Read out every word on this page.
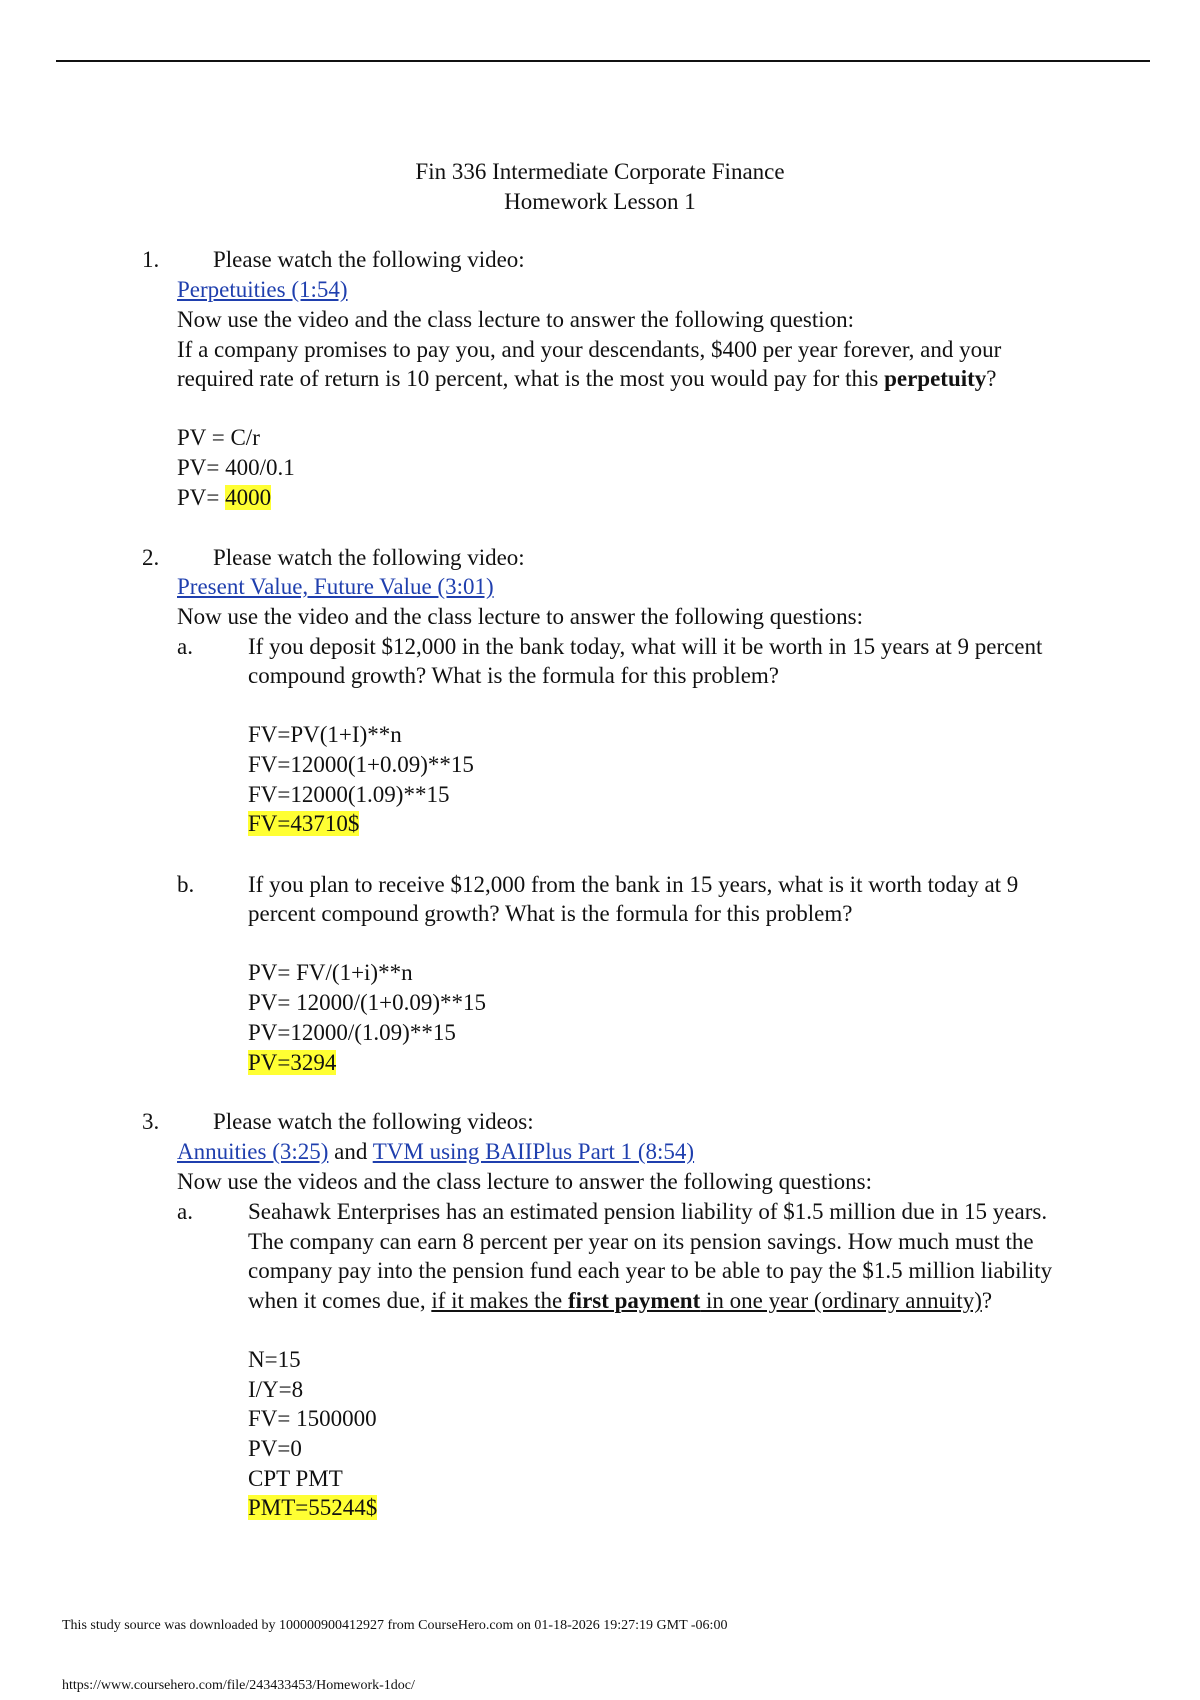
Fin 336 Intermediate Corporate Finance
Homework Lesson 1
1. Please watch the following video:
Perpetuities (1:54)
Now use the video and the class lecture to answer the following question:
If a company promises to pay you, and your descendants, $400 per year forever, and your
required rate of return is 10 percent, what is the most you would pay for this perpetuity?
PV = C/r
PV= 400/0.1
PV= 4000
2. Please watch the following video:
Present Value, Future Value (3:01)
Now use the video and the class lecture to answer the following questions:
a. If you deposit $12,000 in the bank today, what will it be worth in 15 years at 9 percent
compound growth? What is the formula for this problem?
FV=PV(1+I)**n
FV=12000(1+0.09)**15
FV=12000(1.09)**15
FV=43710$
b. If you plan to receive $12,000 from the bank in 15 years, what is it worth today at 9
percent compound growth? What is the formula for this problem?
PV= FV/(1+i)**n
PV= 12000/(1+0.09)**15
PV=12000/(1.09)**15
PV=3294
3. Please watch the following videos:
Annuities (3:25) and TVM using BAIIPlus Part 1 (8:54)
Now use the videos and the class lecture to answer the following questions:
a. Seahawk Enterprises has an estimated pension liability of $1.5 million due in 15 years.
The company can earn 8 percent per year on its pension savings. How much must the
company pay into the pension fund each year to be able to pay the $1.5 million liability
when it comes due, if it makes the first payment in one year (ordinary annuity)?
N=15
I/Y=8
FV= 1500000
PV=0
CPT PMT
PMT=55244$
This study source was downloaded by 100000900412927 from CourseHero.com on 01-18-2026 19:27:19 GMT -06:00
https://www.coursehero.com/file/243433453/Homework-1doc/
